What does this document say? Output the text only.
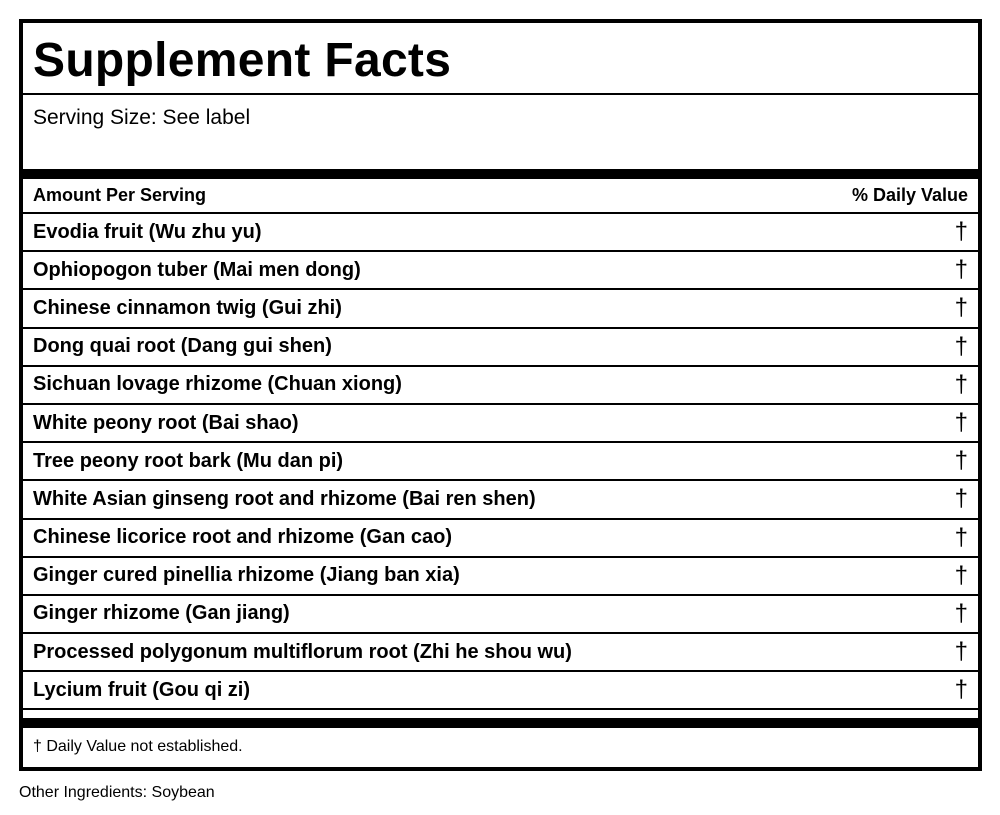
Supplement Facts
Serving Size: See label
Amount Per Serving	% Daily Value
Evodia fruit (Wu zhu yu)	†
Ophiopogon tuber (Mai men dong)	†
Chinese cinnamon twig (Gui zhi)	†
Dong quai root (Dang gui shen)	†
Sichuan lovage rhizome (Chuan xiong)	†
White peony root (Bai shao)	†
Tree peony root bark (Mu dan pi)	†
White Asian ginseng root and rhizome (Bai ren shen)	†
Chinese licorice root and rhizome (Gan cao)	†
Ginger cured pinellia rhizome (Jiang ban xia)	†
Ginger rhizome (Gan jiang)	†
Processed polygonum multiflorum root (Zhi he shou wu)	†
Lycium fruit (Gou qi zi)	†
† Daily Value not established.
Other Ingredients: Soybean
